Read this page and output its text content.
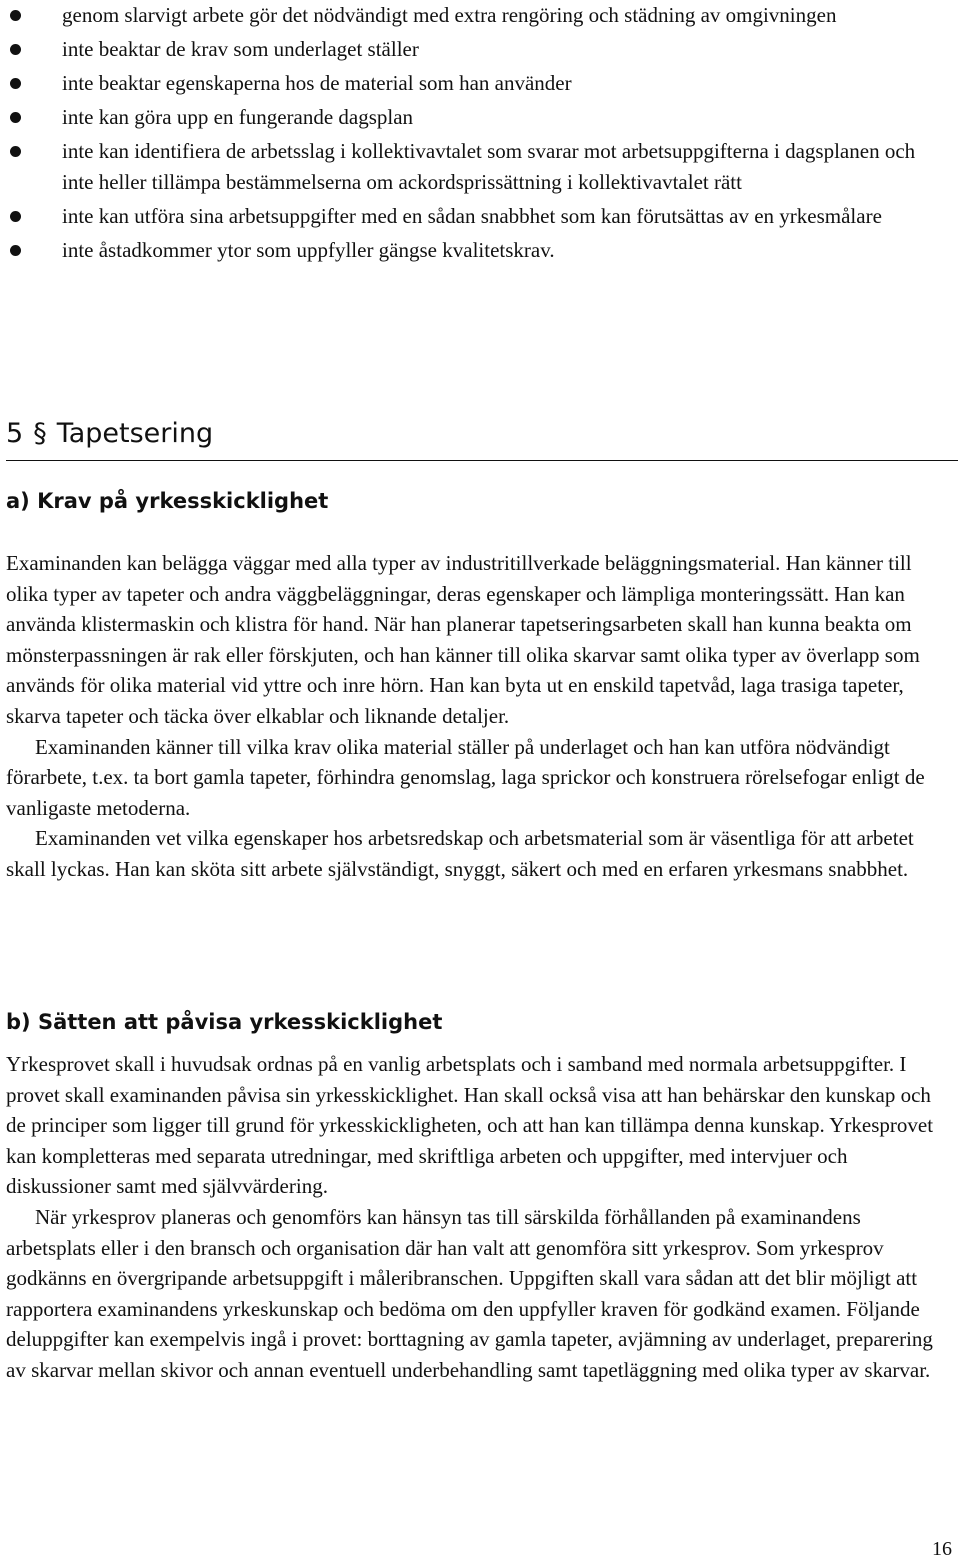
genom slarvigt arbete gör det nödvändigt med extra rengöring och städning av omgivningen
inte beaktar de krav som underlaget ställer
inte beaktar egenskaperna hos de material som han använder
inte kan göra upp en fungerande dagsplan
inte kan identifiera de arbetsslag i kollektivavtalet som svarar mot arbetsuppgifterna i dagsplanen och inte heller tillämpa bestämmelserna om ackordsprissättning i kollektivavtalet rätt
inte kan utföra sina arbetsuppgifter med en sådan snabbhet som kan förutsättas av en yrkesmålare
inte åstadkommer ytor som uppfyller gängse kvalitetskrav.
5 § Tapetsering
a) Krav på yrkesskicklighet

Examinanden kan belägga väggar med alla typer av industritillverkade beläggningsmaterial. Han känner till olika typer av tapeter och andra väggbeläggningar, deras egenskaper och lämpliga monteringssätt. Han kan använda klistermaskin och klistra för hand. När han planerar tapetseringsarbeten skall han kunna beakta om mönsterpassningen är rak eller förskjuten, och han känner till olika skarvar samt olika typer av överlapp som används för olika material vid yttre och inre hörn. Han kan byta ut en enskild tapetvåd, laga trasiga tapeter, skarva tapeter och täcka över elkablar och liknande detaljer.

Examinanden känner till vilka krav olika material ställer på underlaget och han kan utföra nödvändigt förarbete, t.ex. ta bort gamla tapeter, förhindra genomslag, laga sprickor och konstruera rörelsefogar enligt de vanligaste metoderna.

Examinanden vet vilka egenskaper hos arbetsredskap och arbetsmaterial som är väsentliga för att arbetet skall lyckas. Han kan sköta sitt arbete självständigt, snyggt, säkert och med en erfaren yrkesmans snabbhet.

b) Sätten att påvisa yrkesskicklighet

Yrkesprovet skall i huvudsak ordnas på en vanlig arbetsplats och i samband med normala arbetsuppgifter. I provet skall examinanden påvisa sin yrkesskicklighet. Han skall också visa att han behärskar den kunskap och de principer som ligger till grund för yrkesskickligheten, och att han kan tillämpa denna kunskap. Yrkesprovet kan kompletteras med separata utredningar, med skriftliga arbeten och uppgifter, med intervjuer och diskussioner samt med självvärdering.

När yrkesprov planeras och genomförs kan hänsyn tas till särskilda förhållanden på examinandens arbetsplats eller i den bransch och organisation där han valt att genomföra sitt yrkesprov. Som yrkesprov godkänns en övergripande arbetsuppgift i måleribranschen. Uppgiften skall vara sådan att det blir möjligt att rapportera examinandens yrkeskunskap och bedöma om den uppfyller kraven för godkänd examen. Följande deluppgifter kan exempelvis ingå i provet: borttagning av gamla tapeter, avjämning av underlaget, preparering av skarvar mellan skivor och annan eventuell underbehandling samt tapetläggning med olika typer av skarvar.

16
